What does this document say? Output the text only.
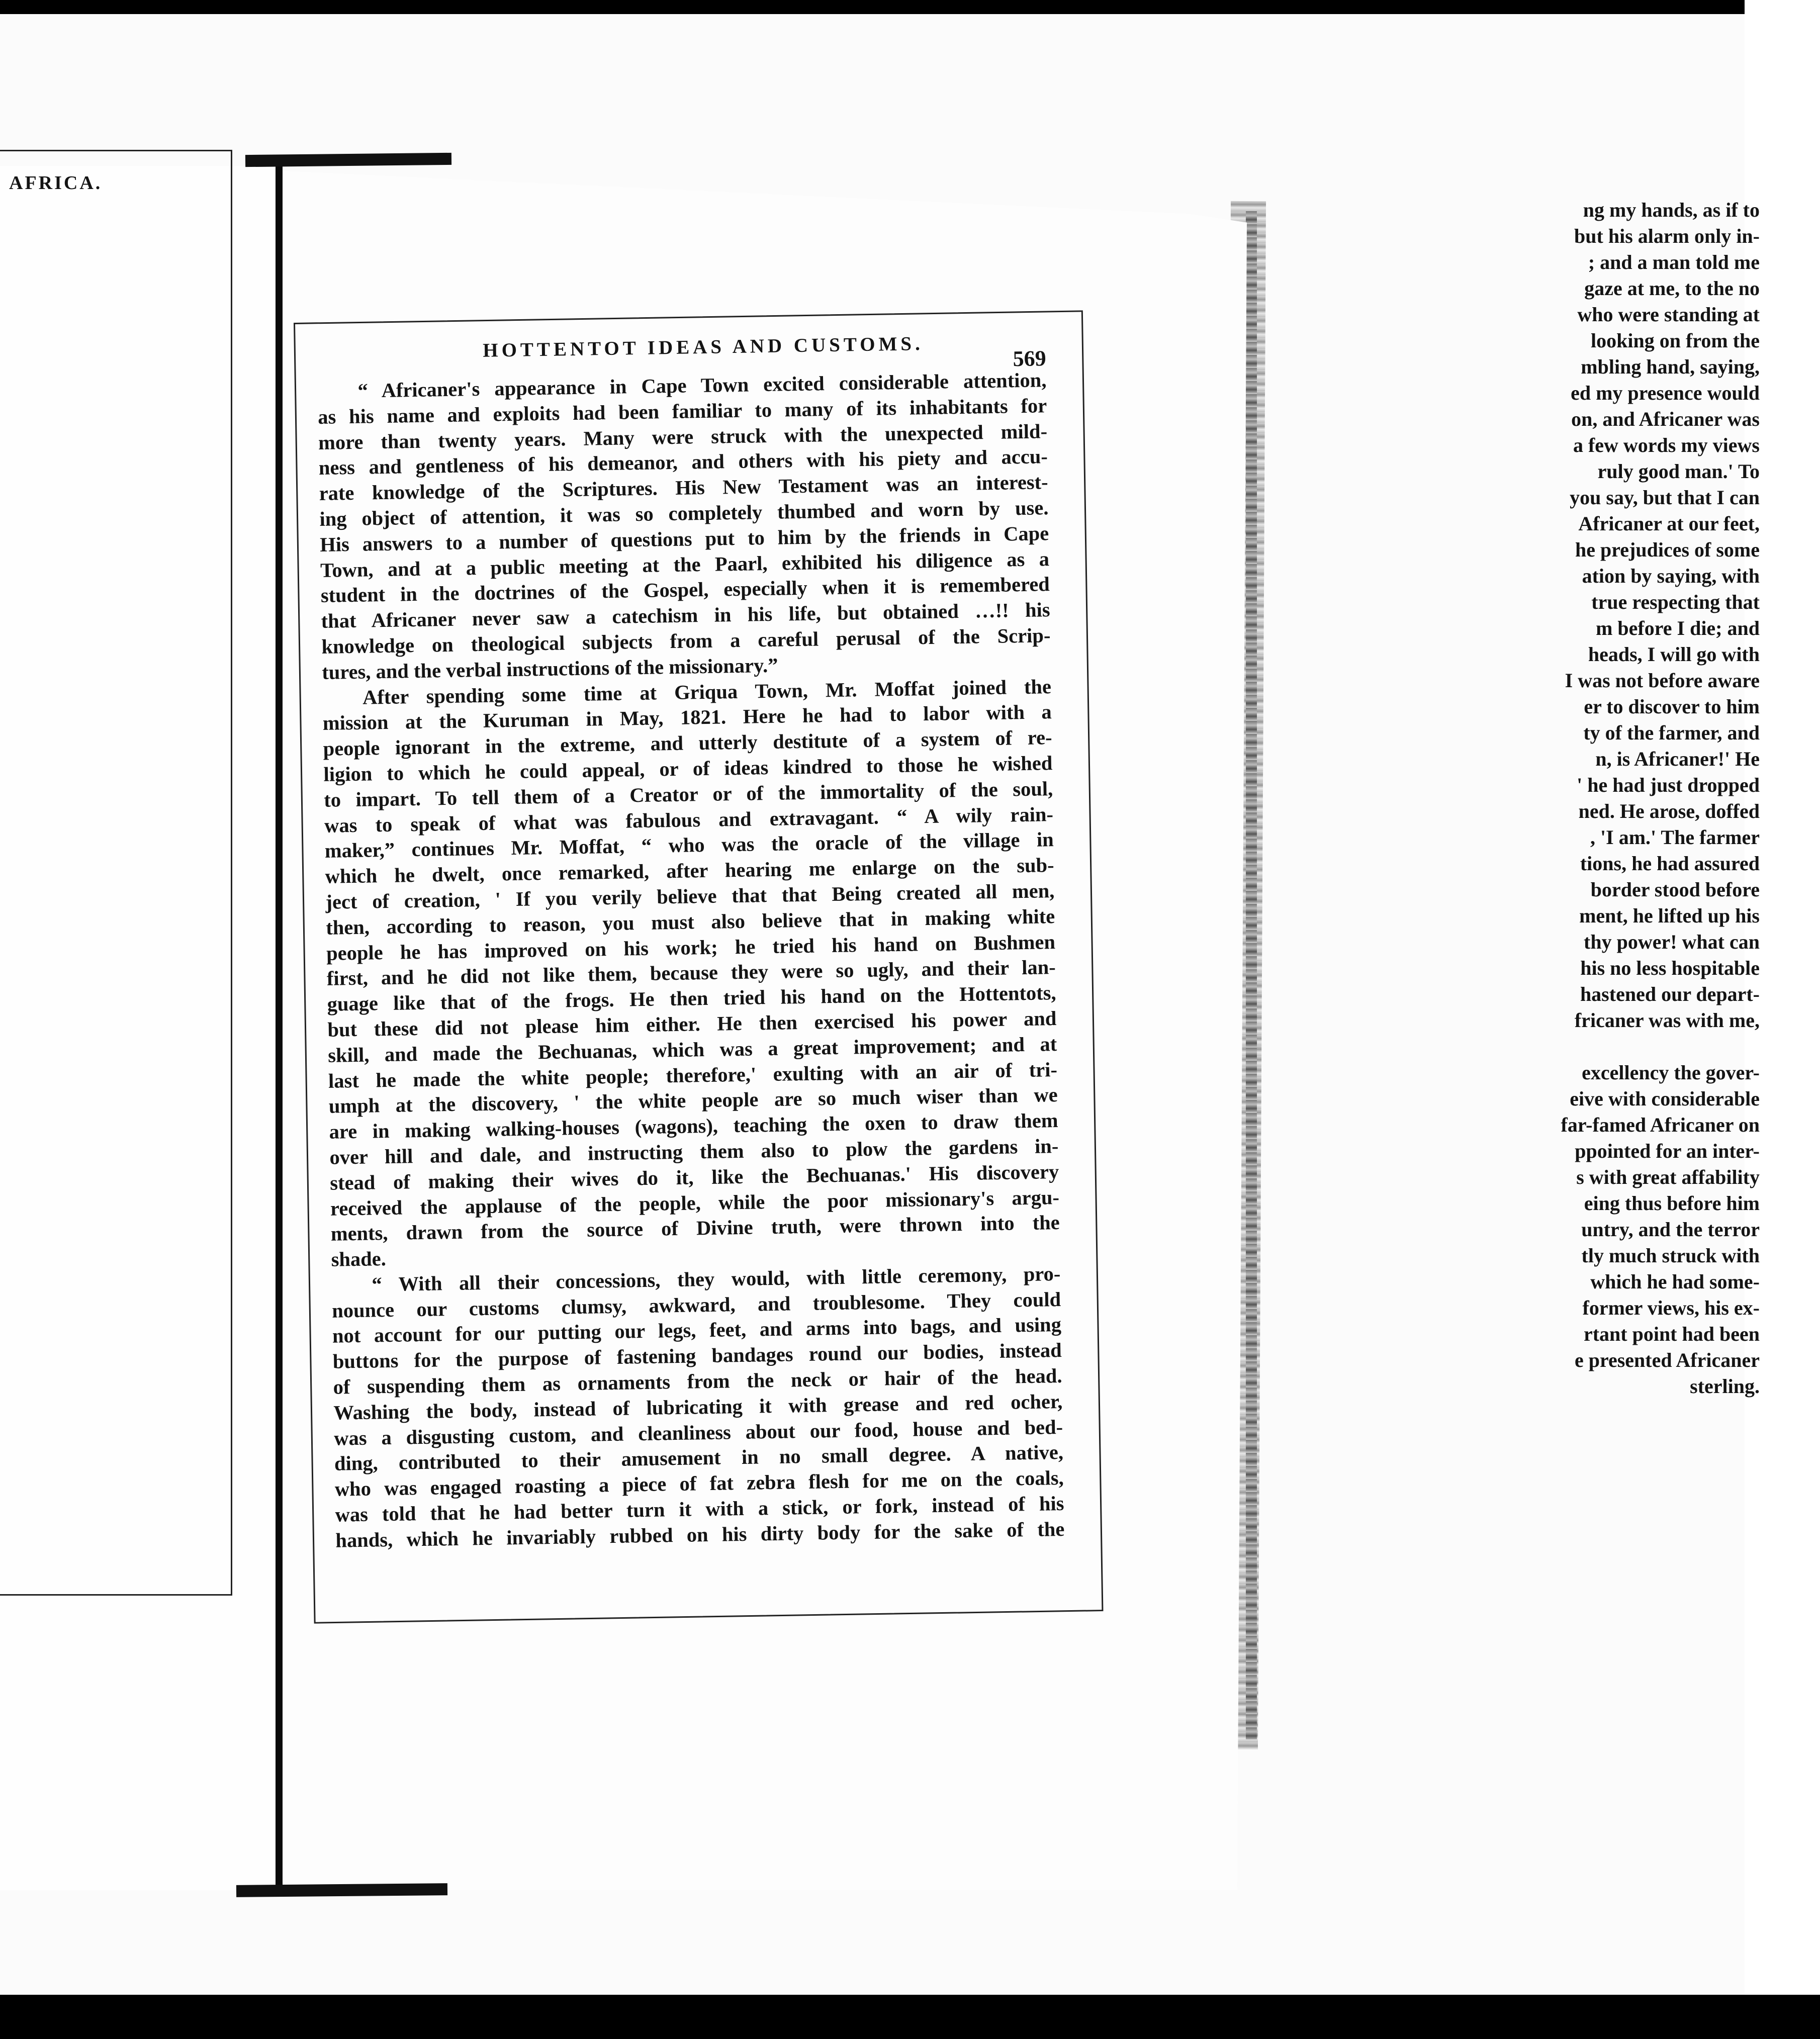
AFRICA.
ng my hands, as if to
but his alarm only in-
; and a man told me
gaze at me, to the no
who were standing at
looking on from the
mbling hand, saying,
ed my presence would
on, and Africaner was
a few words my views
ruly good man.' To
you say, but that I can
Africaner at our feet,
he prejudices of some
ation by saying, with
true respecting that
m before I die; and
heads, I will go with
I was not before aware
er to discover to him
ty of the farmer, and
n, is Africaner!' He
' he had just dropped
ned. He arose, doffed
, 'I am.' The farmer
tions, he had assured
border stood before
ment, he lifted up his
thy power! what can
his no less hospitable
hastened our depart-
fricaner was with me,
excellency the gover-
eive with considerable
far-famed Africaner on
ppointed for an inter-
s with great affability
eing thus before him
untry, and the terror
tly much struck with
which he had some-
former views, his ex-
rtant point had been
e presented Africaner
sterling.
HOTTENTOT IDEAS AND CUSTOMS.	569
“ Africaner's appearance in Cape Town excited considerable attention,
as his name and exploits had been familiar to many of its inhabitants for
more than twenty years. Many were struck with the unexpected mild-
ness and gentleness of his demeanor, and others with his piety and accu-
rate knowledge of the Scriptures. His New Testament was an interest-
ing object of attention, it was so completely thumbed and worn by use.
His answers to a number of questions put to him by the friends in Cape
Town, and at a public meeting at the Paarl, exhibited his diligence as a
student in the doctrines of the Gospel, especially when it is remembered
that Africaner never saw a catechism in his life, but obtained …!! his
knowledge on theological subjects from a careful perusal of the Scrip-
tures, and the verbal instructions of the missionary.”
After spending some time at Griqua Town, Mr. Moffat joined the
mission at the Kuruman in May, 1821. Here he had to labor with a
people ignorant in the extreme, and utterly destitute of a system of re-
ligion to which he could appeal, or of ideas kindred to those he wished
to impart. To tell them of a Creator or of the immortality of the soul,
was to speak of what was fabulous and extravagant. “ A wily rain-
maker,” continues Mr. Moffat, “ who was the oracle of the village in
which he dwelt, once remarked, after hearing me enlarge on the sub-
ject of creation, ' If you verily believe that that Being created all men,
then, according to reason, you must also believe that in making white
people he has improved on his work; he tried his hand on Bushmen
first, and he did not like them, because they were so ugly, and their lan-
guage like that of the frogs. He then tried his hand on the Hottentots,
but these did not please him either. He then exercised his power and
skill, and made the Bechuanas, which was a great improvement; and at
last he made the white people; therefore,' exulting with an air of tri-
umph at the discovery, ' the white people are so much wiser than we
are in making walking-houses (wagons), teaching the oxen to draw them
over hill and dale, and instructing them also to plow the gardens in-
stead of making their wives do it, like the Bechuanas.' His discovery
received the applause of the people, while the poor missionary's argu-
ments, drawn from the source of Divine truth, were thrown into the
shade.
“ With all their concessions, they would, with little ceremony, pro-
nounce our customs clumsy, awkward, and troublesome. They could
not account for our putting our legs, feet, and arms into bags, and using
buttons for the purpose of fastening bandages round our bodies, instead
of suspending them as ornaments from the neck or hair of the head.
Washing the body, instead of lubricating it with grease and red ocher,
was a disgusting custom, and cleanliness about our food, house and bed-
ding, contributed to their amusement in no small degree. A native,
who was engaged roasting a piece of fat zebra flesh for me on the coals,
was told that he had better turn it with a stick, or fork, instead of his
hands, which he invariably rubbed on his dirty body for the sake of the
